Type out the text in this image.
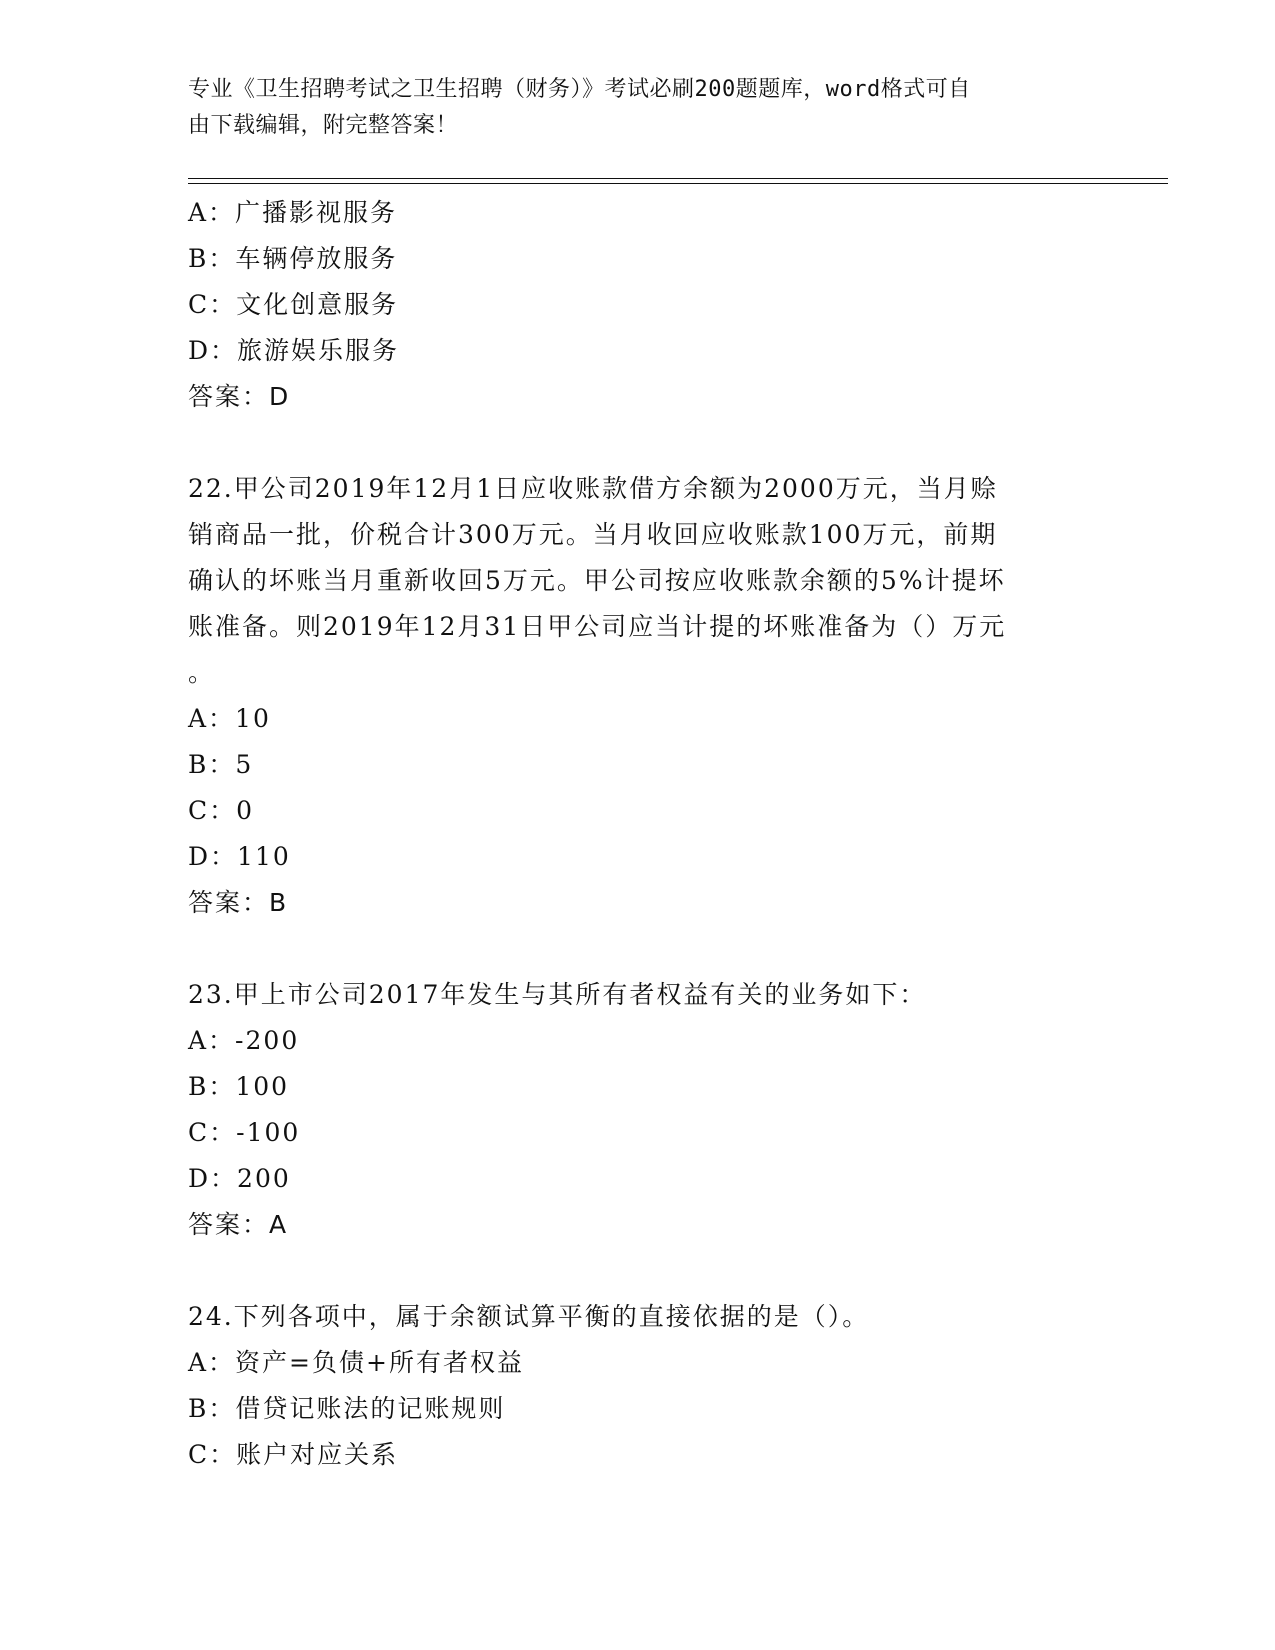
专业《卫生招聘考试之卫生招聘（财务）》考试必刷200题题库，word格式可自
由下载编辑，附完整答案！
A：广播影视服务
B：车辆停放服务
C：文化创意服务
D：旅游娱乐服务
答案：D
22.甲公司2019年12月1日应收账款借方余额为2000万元，当月赊
销商品一批，价税合计300万元。当月收回应收账款100万元，前期
确认的坏账当月重新收回5万元。甲公司按应收账款余额的5%计提坏
账准备。则2019年12月31日甲公司应当计提的坏账准备为（）万元
。
A：10
B：5
C：0
D：110
答案：B
23.甲上市公司2017年发生与其所有者权益有关的业务如下：
A：-200
B：100
C：-100
D：200
答案：A
24.下列各项中，属于余额试算平衡的直接依据的是（）。
A：资产=负债+所有者权益
B：借贷记账法的记账规则
C：账户对应关系
